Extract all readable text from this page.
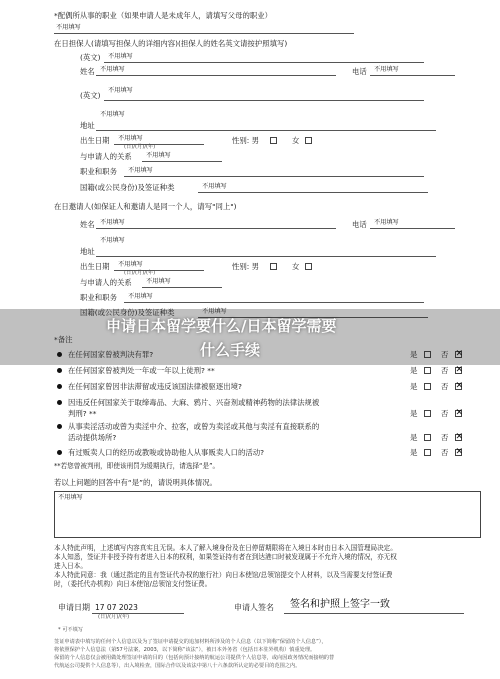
*配偶所从事的职业（如果申请人是未成年人，请填写父母的职业）
不用填写
在日担保人(请填写担保人的详细内容)(担保人的姓名英文请按护照填写)
(英文) 不用填写
姓名 不用填写	电话 不用填写
(英文)
不用填写
不用填写
地址
出生日期 不用填写
(日)/(月)/(年)
性别: 男	女
与申请人的关系 不用填写
职业和职务 不用填写
国籍(或公民身份)及签证种类	不用填写
在日邀请人(如保证人和邀请人是同一个人，请写"同上")
姓名 不用填写	电话 不用填写
不用填写
地址
出生日期 不用填写
(日)/(月)/(年)
性别: 男	女
与申请人的关系 不用填写
职业和职务 不用填写
国籍(或公民身份)及签证种类	不用填写
*备注
在任何国家曾被判决有罪?	是	否 ✕
在任何国家曾被判处一年或一年以上徒刑? **	是	否 ✕
在任何国家曾因非法滞留或违反该国法律被驱逐出境?	是	否 ✕
因违反任何国家关于取缔毒品、大麻、鸦片、兴奋剂或精神药物的法律法规被
判刑? **	是	否 ✕
从事卖淫活动或曾为卖淫中介、拉客，或曾为卖淫或其他与卖淫有直接联系的
活动提供场所?	是	否 ✕
有过贩卖人口的经历或教唆或协助他人从事贩卖人口的活动?	是	否 ✕
**若您曾被判刑，即使该刑罚为缓期执行，请选择“是”。
若以上问题的回答中有“是”的，请说明具体情况。
不用填写
本人特此声明，上述填写内容真实且无误。本人了解入境身份及在日停留期限将在入境日本时由日本入国管理局决定。
本人知悉，签证并非授予持有者进入日本的权利，如果签证持有者在到达港口时被发现属于不允许入境的情况，亦无权
进入日本。
本人特此同意：我（通过指定的且有签证代办权的旅行社）向日本使馆/总领馆提交个人材料，以及当需要支付签证费
时，（委托代办机构）向日本使馆/总领馆支付签证费。
申请日期 17 07 2023
(日)/(月)/(年)
申请人签名 签名和护照上签字一致
* 可不填写
签证申请表中填写的任何个人信息以及为了签证申请提交的追加材料所涉及的个人信息（以下简称“保留的个人信息”），
将依照保护个人信息法（第57号法案，2003，以下简称“该法”），被日本外务省（包括日本驻外机构）慎重处理。
保留的个人信息仅会被用做处理签证申请的目的（包括向预计接纳的航运公司提供个人信息等，或向因政务情况而接纳的替
代航运公司提供个人信息等），出入境检查，国际合作以及该法中第八十六条款所认定的必要目的范围之内。
申请日本留学要什么/日本留学需要
什么手续
